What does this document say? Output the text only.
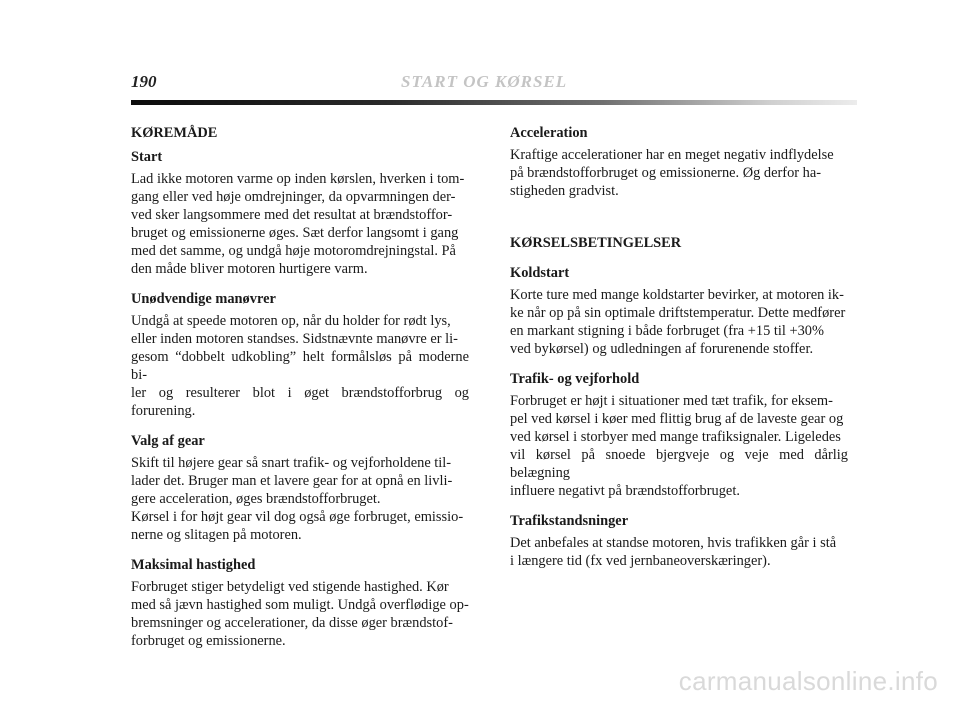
190	START OG KØRSEL
KØREMÅDE
Start
Lad ikke motoren varme op inden kørslen, hverken i tom-
gang eller ved høje omdrejninger, da opvarmningen der-
ved sker langsommere med det resultat at brændstoffor-
bruget og emissionerne øges. Sæt derfor langsomt i gang
med det samme, og undgå høje motoromdrejningstal. På
den måde bliver motoren hurtigere varm.
Unødvendige manøvrer
Undgå at speede motoren op, når du holder for rødt lys,
eller inden motoren standses. Sidstnævnte manøvre er li-
gesom “dobbelt udkobling” helt formålsløs på moderne bi-
ler og resulterer blot i øget brændstofforbrug og forurening.
Valg af gear
Skift til højere gear så snart trafik- og vejforholdene til-
lader det. Bruger man et lavere gear for at opnå en livli-
gere acceleration, øges brændstofforbruget.
Kørsel i for højt gear vil dog også øge forbruget, emissio-
nerne og slitagen på motoren.
Maksimal hastighed
Forbruget stiger betydeligt ved stigende hastighed. Kør
med så jævn hastighed som muligt. Undgå overflødige op-
bremsninger og accelerationer, da disse øger brændstof-
forbruget og emissionerne.
Acceleration
Kraftige accelerationer har en meget negativ indflydelse
på brændstofforbruget og emissionerne. Øg derfor ha-
stigheden gradvist.
KØRSELSBETINGELSER
Koldstart
Korte ture med mange koldstarter bevirker, at motoren ik-
ke når op på sin optimale driftstemperatur. Dette medfører
en markant stigning i både forbruget (fra +15 til +30%
ved bykørsel) og udledningen af forurenende stoffer.
Trafik- og vejforhold
Forbruget er højt i situationer med tæt trafik, for eksem-
pel ved kørsel i køer med flittig brug af de laveste gear og
ved kørsel i storbyer med mange trafiksignaler. Ligeledes
vil kørsel på snoede bjergveje og veje med dårlig belægning
influere negativt på brændstofforbruget.
Trafikstandsninger
Det anbefales at standse motoren, hvis trafikken går i stå
i længere tid (fx ved jernbaneoverskæringer).
carmanualsonline.info
